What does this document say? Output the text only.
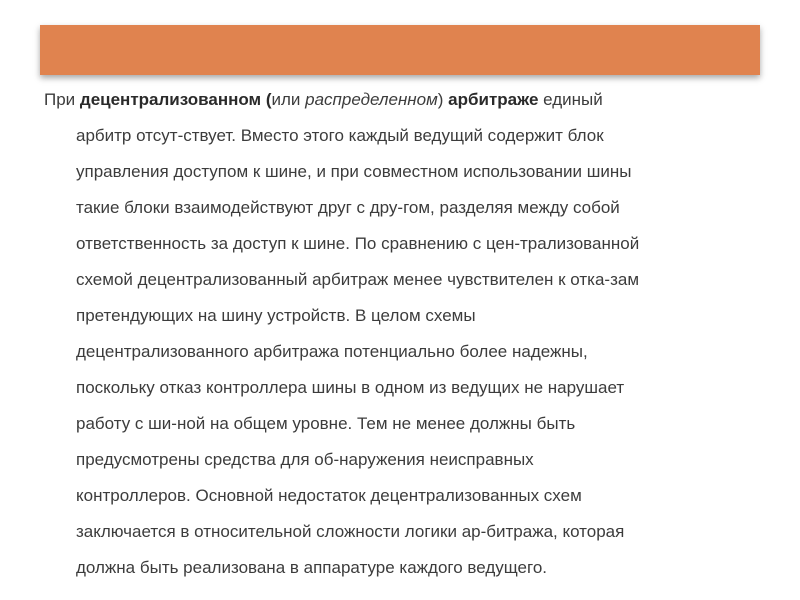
При децентрализованном (или распределенном) арбитраже единый
арбитр отсут-ствует. Вместо этого каждый ведущий содержит блок
управления доступом к шине, и при совместном использовании шины
такие блоки взаимодействуют друг с дру-гом, разделяя между собой
ответственность за доступ к шине. По сравнению с цен-трализованной
схемой децентрализованный арбитраж менее чувствителен к отка-зам
претендующих на шину устройств. В целом схемы
децентрализованного арбитража потенциально более надежны,
поскольку отказ контроллера шины в одном из ведущих не нарушает
работу с ши-ной на общем уровне. Тем не менее должны быть
предусмотрены средства для об-наружения неисправных
контроллеров. Основной недостаток децентрализованных схем
заключается в относительной сложности логики ар-битража, которая
должна быть реализована в аппаратуре каждого ведущего.
